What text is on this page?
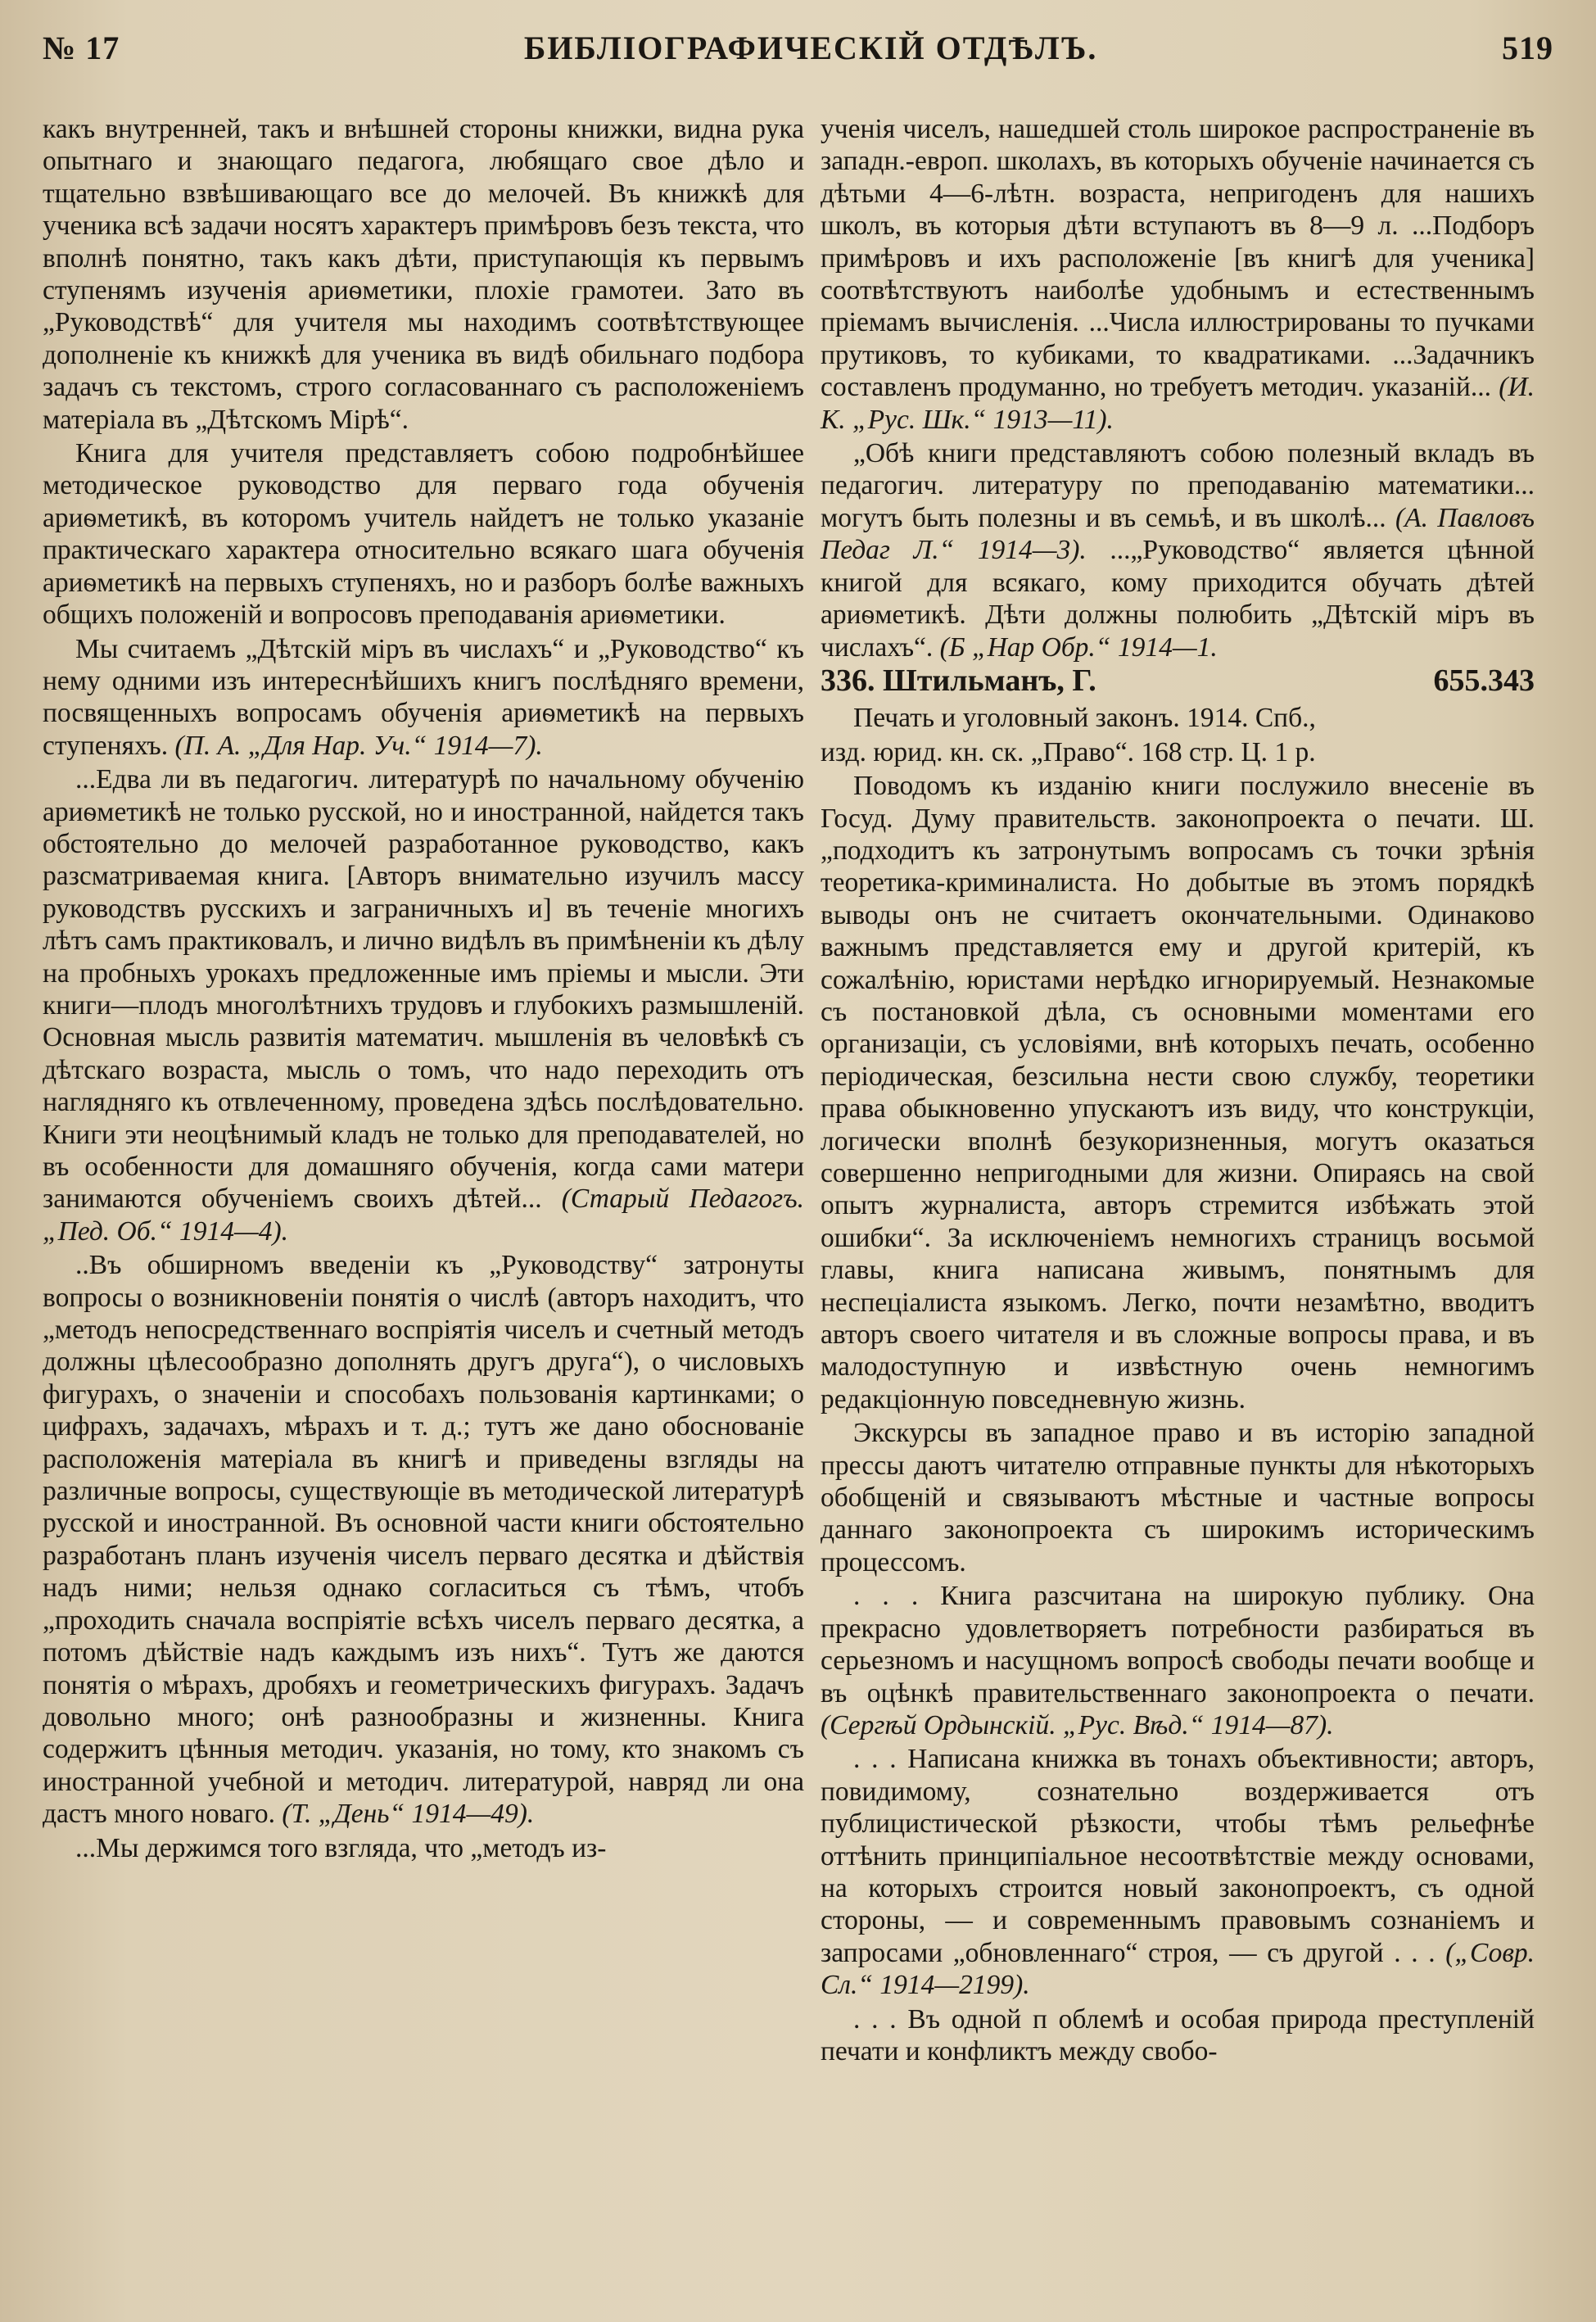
№ 17	БИБЛIОГРАФИЧЕСКIЙ ОТДѢЛЪ.	519

какъ внутренней, такъ и внѣшней стороны книжки, видна рука опытнаго и знающаго педагога, любящаго свое дѣло и тщательно взвѣшивающаго все до мелочей. Въ книжкѣ для ученика всѣ задачи носятъ характеръ примѣровъ безъ текста, что вполнѣ понятно, такъ какъ дѣти, приступающiя къ первымъ ступенямъ изученiя ариѳметики, плохiе грамотеи. Зато въ „Руководствѣ“ для учителя мы находимъ соотвѣтствующее дополненiе къ книжкѣ для ученика въ видѣ обильнаго подбора задачъ съ текстомъ, строго согласованнаго съ расположенiемъ матерiала въ „Дѣтскомъ Мiрѣ“.

Книга для учителя представляетъ собою подробнѣйшее методическое руководство для перваго года обученiя ариѳметикѣ, въ которомъ учитель найдетъ не только указанiе практическаго характера относительно всякаго шага обученiя ариѳметикѣ на первыхъ ступеняхъ, но и разборъ болѣе важныхъ общихъ положенiй и вопросовъ преподаванiя ариѳметики.

Мы считаемъ „Дѣтскiй мiръ въ числахъ“ и „Руководство“ къ нему одними изъ интереснѣйшихъ книгъ послѣдняго времени, посвященныхъ вопросамъ обученiя ариѳметикѣ на первыхъ ступеняхъ. (П. А. „Для Нар. Уч.“ 1914—7).

...Едва ли въ педагогич. литературѣ по начальному обученiю ариѳметикѣ не только русской, но и иностранной, найдется такъ обстоятельно до мелочей разработанное руководство, какъ разсматриваемая книга. [Авторъ внимательно изучилъ массу руководствъ русскихъ и заграничныхъ и] въ теченiе многихъ лѣтъ самъ практиковалъ, и лично видѣлъ въ примѣненiи къ дѣлу на пробныхъ урокахъ предложенные имъ прiемы и мысли. Эти книги—плодъ многолѣтнихъ трудовъ и глубокихъ размышленiй. Основная мысль развитiя математич. мышленiя въ человѣкѣ съ дѣтскаго возраста, мысль о томъ, что надо переходить отъ наглядняго къ отвлеченному, проведена здѣсь послѣдовательно. Книги эти неоцѣнимый кладъ не только для преподавателей, но въ особенности для домашняго обученiя, когда сами матери занимаются обученiемъ своихъ дѣтей... (Старый Педагогъ. „Пед. Об.“ 1914—4).

..Въ обширномъ введенiи къ „Руководству“ затронуты вопросы о возникновенiи понятiя о числѣ (авторъ находитъ, что „методъ непосредственнаго воспрiятiя чиселъ и счетный методъ должны цѣлесообразно дополнять другъ друга“), о числовыхъ фигурахъ, о значенiи и способахъ пользованiя картинками; о цифрахъ, задачахъ, мѣрахъ и т. д.; тутъ же дано обоснованiе расположенiя матерiала въ книгѣ и приведены взгляды на различные вопросы, существующiе въ методической литературѣ русской и иностранной. Въ основной части книги обстоятельно разработанъ планъ изученiя чиселъ перваго десятка и дѣйствiя надъ ними; нельзя однако согласиться съ тѣмъ, чтобъ „проходить сначала воспрiятiе всѣхъ чиселъ перваго десятка, а потомъ дѣйствiе надъ каждымъ изъ нихъ“. Тутъ же даются понятiя о мѣрахъ, дробяхъ и геометрическихъ фигурахъ. Задачъ довольно много; онѣ разнообразны и жизненны. Книга содержитъ цѣнныя методич. указанiя, но тому, кто знакомъ съ иностранной учебной и методич. литературой, навряд ли она дастъ много новаго. (Т. „День“ 1914—49).

...Мы держимся того взгляда, что „методъ из-

ученiя чиселъ, нашедшей столь широкое распространенiе въ западн.-европ. школахъ, въ которыхъ обученiе начинается съ дѣтьми 4—6-лѣтн. возраста, непригоденъ для нашихъ школъ, въ которыя дѣти вступаютъ въ 8—9 л. ...Подборъ примѣровъ и ихъ расположенiе [въ книгѣ для ученика] соотвѣтствуютъ наиболѣе удобнымъ и естественнымъ прiемамъ вычисленiя. ...Числа иллюстрированы то пучками прутиковъ, то кубиками, то квадратиками. ...Задачникъ составленъ продуманно, но требуетъ методич. указанiй... (И. К. „Рус. Шк.“ 1913—11).

„Обѣ книги представляютъ собою полезный вкладъ въ педагогич. литературу по преподаванiю математики... могутъ быть полезны и въ семьѣ, и въ школѣ... (А. Павловъ Педаг Л.“ 1914—3). ...„Руководство“ является цѣнной книгой для всякаго, кому приходится обучать дѣтей ариѳметикѣ. Дѣти должны полюбить „Дѣтскiй мiръ въ числахъ“. (Б „Нар Обр.“ 1914—1.

336. Штильманъ, Г.	655.343

Печать и уголовный законъ. 1914. Спб.,

изд. юрид. кн. ск. „Право“. 168 стр. Ц. 1 р.

Поводомъ къ изданiю книги послужило внесенiе въ Госуд. Думу правительств. законопроекта о печати. Ш. „подходитъ къ затронутымъ вопросамъ съ точки зрѣнiя теоретика-криминалиста. Но добытые въ этомъ порядкѣ выводы онъ не считаетъ окончательными. Одинаково важнымъ представляется ему и другой критерiй, къ сожалѣнiю, юристами нерѣдко игнорируемый. Незнакомые съ постановкой дѣла, съ основными моментами его организацiи, съ условiями, внѣ которыхъ печать, особенно перiодическая, безсильна нести свою службу, теоретики права обыкновенно упускаютъ изъ виду, что конструкцiи, логически вполнѣ безукоризненныя, могутъ оказаться совершенно непригодными для жизни. Опираясь на свой опытъ журналиста, авторъ стремится избѣжать этой ошибки“. За исключенiемъ немногихъ страницъ восьмой главы, книга написана живымъ, понятнымъ для неспецiалиста языкомъ. Легко, почти незамѣтно, вводитъ авторъ своего читателя и въ сложные вопросы права, и въ малодоступную и извѣстную очень немногимъ редакцiонную повседневную жизнь.

Экскурсы въ западное право и въ исторiю западной прессы даютъ читателю отправные пункты для нѣкоторыхъ обобщенiй и связываютъ мѣстные и частные вопросы даннаго законопроекта съ широкимъ историческимъ процессомъ.

. . . Книга разсчитана на широкую публику. Она прекрасно удовлетворяетъ потребности разбираться въ серьезномъ и насущномъ вопросѣ свободы печати вообще и въ оцѣнкѣ правительственнаго законопроекта о печати. (Сергѣй Ордынскiй. „Рус. Вѣд.“ 1914—87).

. . . Написана книжка въ тонахъ объективности; авторъ, повидимому, сознательно воздерживается отъ публицистической рѣзкости, чтобы тѣмъ рельефнѣе оттѣнить принципiальное несоотвѣтствiе между основами, на которыхъ строится новый законопроектъ, съ одной стороны, — и современнымъ правовымъ сознанiемъ и запросами „обновленнаго“ строя, — съ другой . . . („Совр. Сл.“ 1914—2199).

. . . Въ одной п облемѣ и особая природа преступленiй печати и конфликтъ между свобо-
